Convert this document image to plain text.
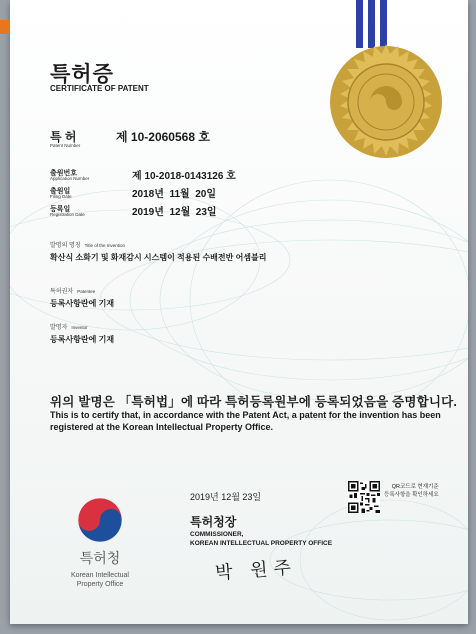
특허증
CERTIFICATE OF PATENT
특 허
Patent Number
제 10-2060568 호
출원번호
Application Number	제 10-2018-0143126 호
출원일
Filing Date	2018년  11월  20일
등록일
Registration Date	2019년  12월  23일
발명의 명칭 Title of the Invention
확산식 소화기 및 화재감시 시스템이 적용된 수배전반 어셈블리
특허권자 Patentee
등록사항란에 기재
발명자 Inventor
등록사항란에 기재
위의 발명은 「특허법」에 따라 특허등록원부에 등록되었음을 증명합니다.
This is to certify that, in accordance with the Patent Act, a patent for the invention has been registered at the Korean Intellectual Property Office.
2019년 12월 23일
QR코드로 현재기준
등록사항을 확인하세요
특허청장
COMMISSIONER,
KOREAN INTELLECTUAL PROPERTY OFFICE
박 원주
특허청
Korean Intellectual
Property Office
